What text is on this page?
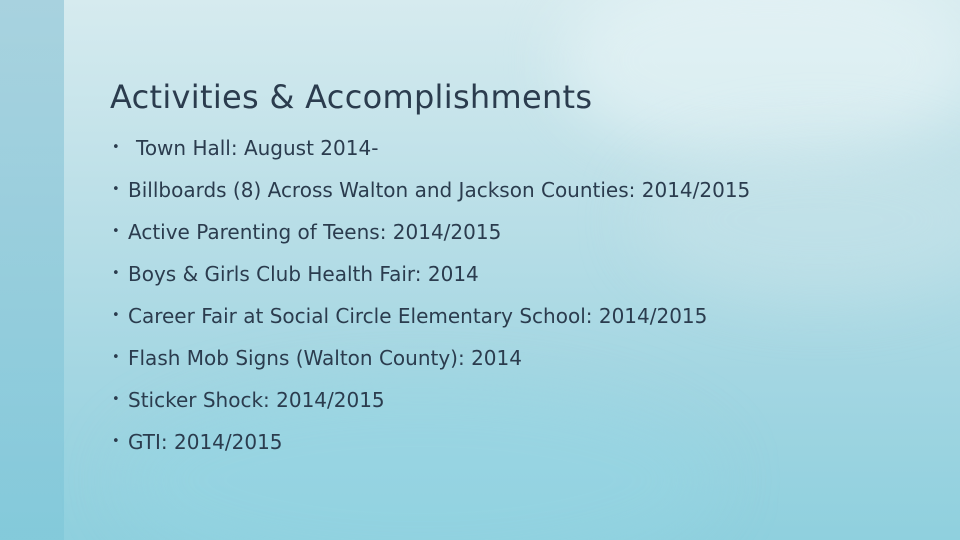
Activities & Accomplishments
• Town Hall: August 2014-
• Billboards (8) Across Walton and Jackson Counties: 2014/2015
• Active Parenting of Teens: 2014/2015
• Boys & Girls Club Health Fair: 2014
• Career Fair at Social Circle Elementary School: 2014/2015
• Flash Mob Signs (Walton County): 2014
• Sticker Shock: 2014/2015
• GTI: 2014/2015
